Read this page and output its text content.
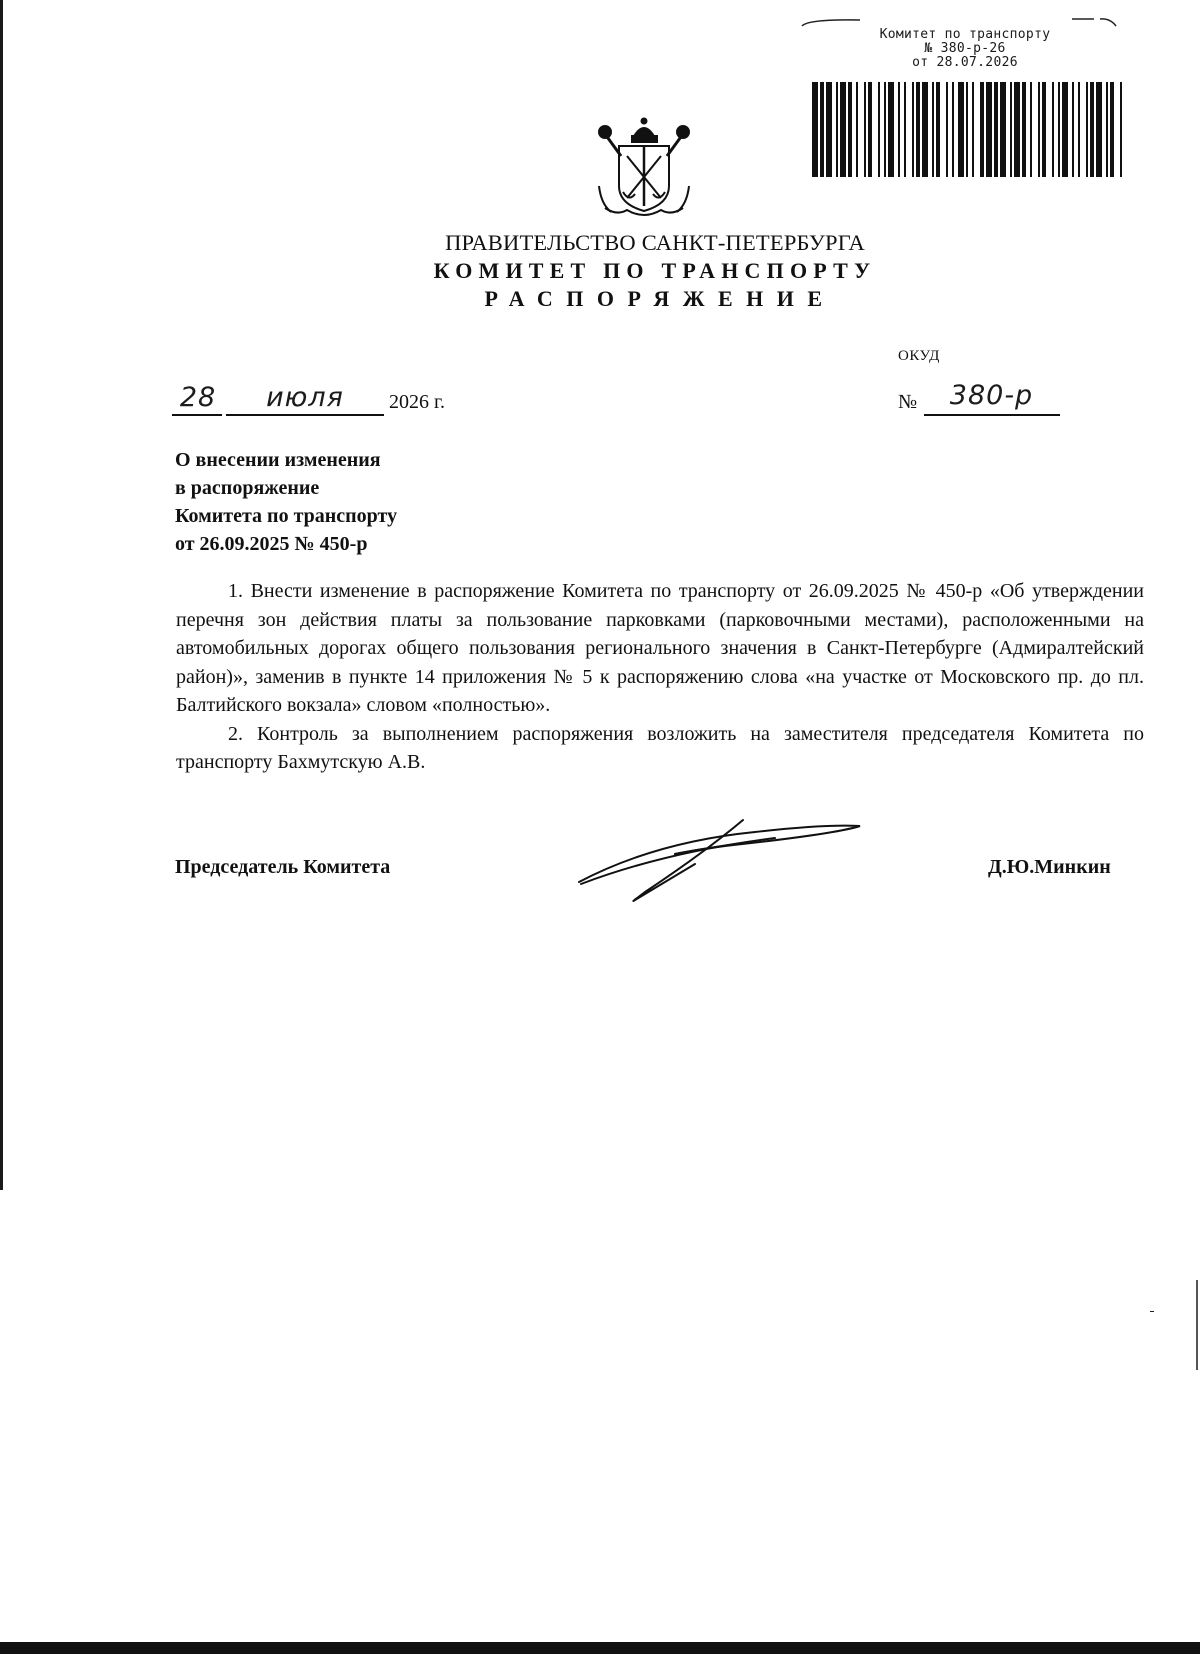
Комитет по транспорту
№ 380-р-26
от 28.07.2026
ПРАВИТЕЛЬСТВО САНКТ-ПЕТЕРБУРГА
КОМИТЕТ ПО ТРАНСПОРТУ
РАСПОРЯЖЕНИЕ
ОКУД
28	июля	2026 г.	№	380-р
О внесении изменения
в распоряжение
Комитета по транспорту
от 26.09.2025 № 450-р

1. Внести изменение в распоряжение Комитета по транспорту от 26.09.2025 № 450-р «Об утверждении перечня зон действия платы за пользование парковками (парковочными местами), расположенными на автомобильных дорогах общего пользования регионального значения в Санкт-Петербурге (Адмиралтейский район)», заменив в пункте 14 приложения № 5 к распоряжению слова «на участке от Московского пр. до пл. Балтийского вокзала» словом «полностью».

2. Контроль за выполнением распоряжения возложить на заместителя председателя Комитета по транспорту Бахмутскую А.В.

Председатель Комитета	Д.Ю.Минкин
